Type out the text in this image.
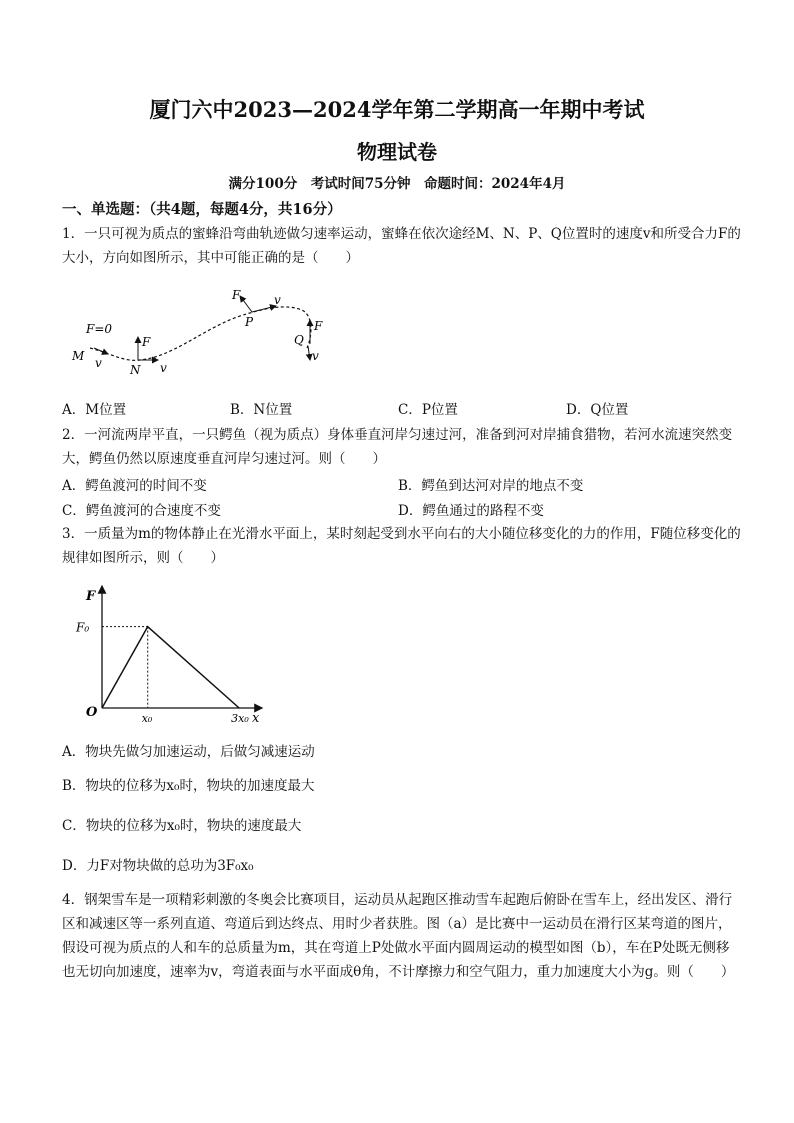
厦门六中2023—2024学年第二学期高一年期中考试
物理试卷
满分100分　考试时间75分钟　命题时间：2024年4月
一、单选题：（共4题，每题4分，共16分）
1．一只可视为质点的蜜蜂沿弯曲轨迹做匀速率运动，蜜蜂在依次途经M、N、P、Q位置时的速度v和所受合力F的大小，方向如图所示，其中可能正确的是（　　）
F=0
M v
F
N v
F	v
P	F
v
Q
A．M位置	B．N位置	C．P位置	D．Q位置
2．一河流两岸平直，一只鳄鱼（视为质点）身体垂直河岸匀速过河，准备到河对岸捕食猎物，若河水流速突然变大，鳄鱼仍然以原速度垂直河岸匀速过河。则（　　）
A．鳄鱼渡河的时间不变	B．鳄鱼到达河对岸的地点不变
C．鳄鱼渡河的合速度不变	D．鳄鱼通过的路程不变
3．一质量为m的物体静止在光滑水平面上，某时刻起受到水平向右的大小随位移变化的力的作用，F随位移变化的规律如图所示，则（　　）
F
x
O
F₀
x₀	3x₀
A．物块先做匀加速运动，后做匀减速运动
B．物块的位移为x₀时，物块的加速度最大
C．物块的位移为x₀时，物块的速度最大
D．力F对物块做的总功为3F₀x₀
4．钢架雪车是一项精彩刺激的冬奥会比赛项目，运动员从起跑区推动雪车起跑后俯卧在雪车上，经出发区、滑行区和减速区等一系列直道、弯道后到达终点、用时少者获胜。图（a）是比赛中一运动员在滑行区某弯道的图片，假设可视为质点的人和车的总质量为m，其在弯道上P处做水平面内圆周运动的模型如图（b），车在P处既无侧移也无切向加速度，速率为v，弯道表面与水平面成θ角，不计摩擦力和空气阻力，重力加速度大小为g。则（　　）
